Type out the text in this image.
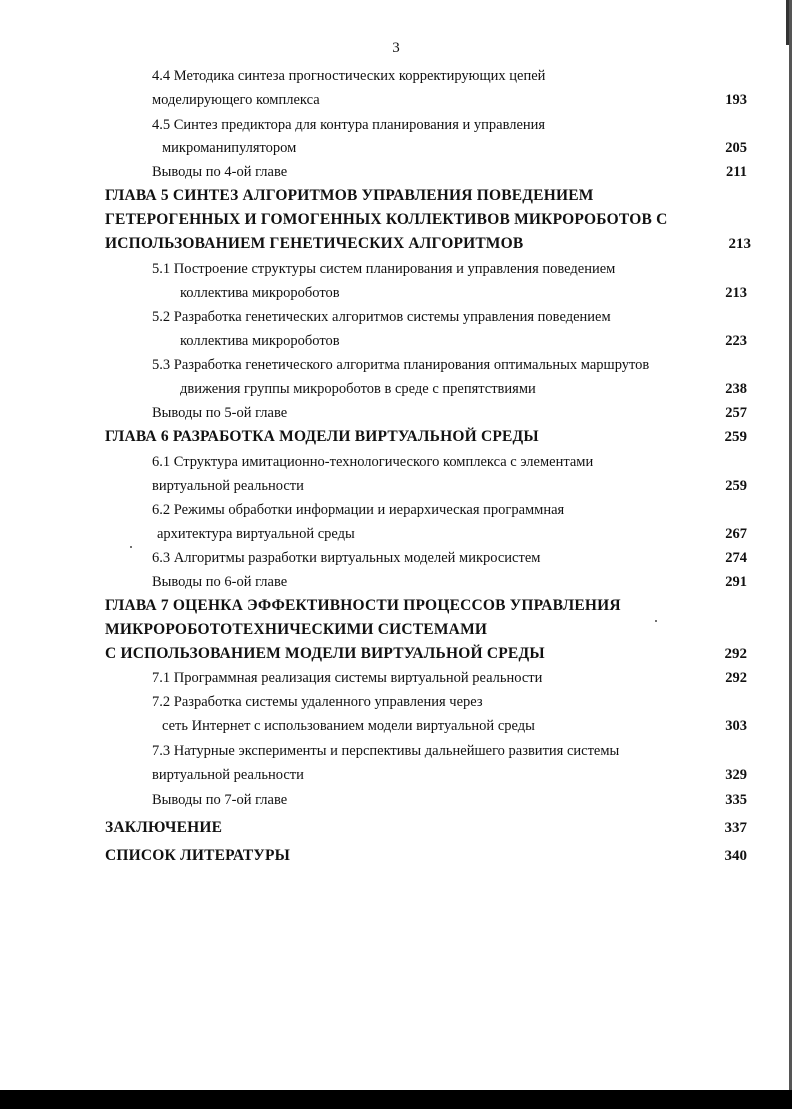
3
4.4 Методика синтеза прогностических корректирующих цепей
моделирующего комплекса	193
4.5 Синтез предиктора для контура планирования и управления
микроманипулятором	205
Выводы по 4-ой главе	211
ГЛАВА 5 СИНТЕЗ АЛГОРИТМОВ УПРАВЛЕНИЯ ПОВЕДЕНИЕМ
ГЕТЕРОГЕННЫХ И ГОМОГЕННЫХ КОЛЛЕКТИВОВ МИКРОРОБОТОВ С
ИСПОЛЬЗОВАНИЕМ ГЕНЕТИЧЕСКИХ АЛГОРИТМОВ	213
5.1 Построение структуры систем планирования и управления поведением
коллектива микророботов	213
5.2 Разработка генетических алгоритмов системы управления поведением
коллектива микророботов	223
5.3 Разработка генетического алгоритма планирования оптимальных маршрутов
движения группы микророботов в среде с препятствиями	238
Выводы по 5-ой главе	257
ГЛАВА 6 РАЗРАБОТКА МОДЕЛИ ВИРТУАЛЬНОЙ СРЕДЫ	259
6.1 Структура имитационно-технологического комплекса с элементами
виртуальной реальности	259
6.2 Режимы обработки информации и иерархическая программная
архитектура виртуальной среды	267
6.3 Алгоритмы разработки виртуальных моделей микросистем	274
Выводы по 6-ой главе	291
ГЛАВА 7 ОЦЕНКА ЭФФЕКТИВНОСТИ ПРОЦЕССОВ УПРАВЛЕНИЯ
МИКРОРОБОТОТЕХНИЧЕСКИМИ СИСТЕМАМИ
С ИСПОЛЬЗОВАНИЕМ МОДЕЛИ ВИРТУАЛЬНОЙ СРЕДЫ	292
7.1 Программная реализация системы виртуальной реальности	292
7.2 Разработка системы удаленного управления через
сеть Интернет с использованием модели виртуальной среды	303
7.3 Натурные эксперименты и перспективы дальнейшего развития системы
виртуальной реальности	329
Выводы по 7-ой главе	335
ЗАКЛЮЧЕНИЕ	337
СПИСОК ЛИТЕРАТУРЫ	340
